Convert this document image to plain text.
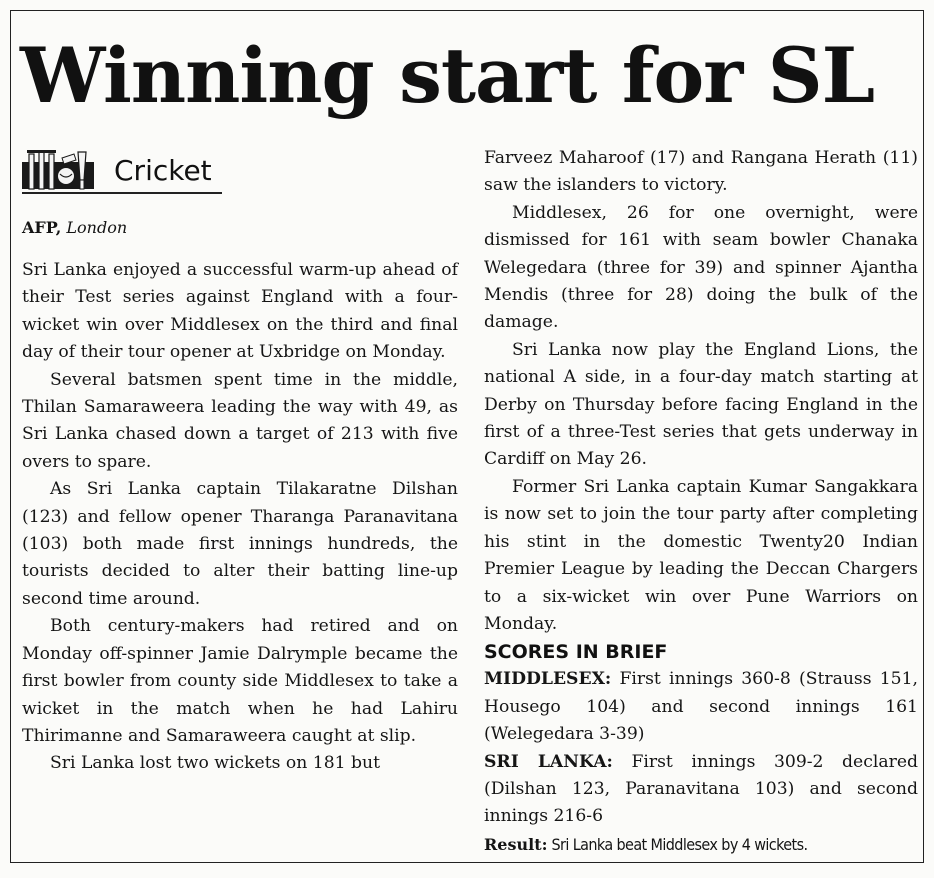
Winning start for SL
Cricket
AFP, London

Sri Lanka enjoyed a successful warm-up ahead of their Test series against England with a four-wicket win over Middlesex on the third and final day of their tour opener at Uxbridge on Monday.

Several batsmen spent time in the middle, Thilan Samaraweera leading the way with 49, as Sri Lanka chased down a target of 213 with five overs to spare.

As Sri Lanka captain Tilakaratne Dilshan (123) and fellow opener Tharanga Paranavitana (103) both made first innings hundreds, the tourists decided to alter their batting line-up second time around.

Both century-makers had retired and on Monday off-spinner Jamie Dalrymple became the first bowler from county side Middlesex to take a wicket in the match when he had Lahiru Thirimanne and Samaraweera caught at slip.

Sri Lanka lost two wickets on 181 but

Farveez Maharoof (17) and Rangana Herath (11) saw the islanders to victory.

Middlesex, 26 for one overnight, were dismissed for 161 with seam bowler Chanaka Welegedara (three for 39) and spinner Ajantha Mendis (three for 28) doing the bulk of the damage.

Sri Lanka now play the England Lions, the national A side, in a four-day match starting at Derby on Thursday before facing England in the first of a three-Test series that gets underway in Cardiff on May 26.

Former Sri Lanka captain Kumar Sangakkara is now set to join the tour party after completing his stint in the domestic Twenty20 Indian Premier League by leading the Deccan Chargers to a six-wicket win over Pune Warriors on Monday.

SCORES IN BRIEF

MIDDLESEX: First innings 360-8 (Strauss 151, Housego 104) and second innings 161 (Welegedara 3-39)

SRI LANKA: First innings 309-2 declared (Dilshan 123, Paranavitana 103) and second innings 216-6

Result: Sri Lanka beat Middlesex by 4 wickets.
